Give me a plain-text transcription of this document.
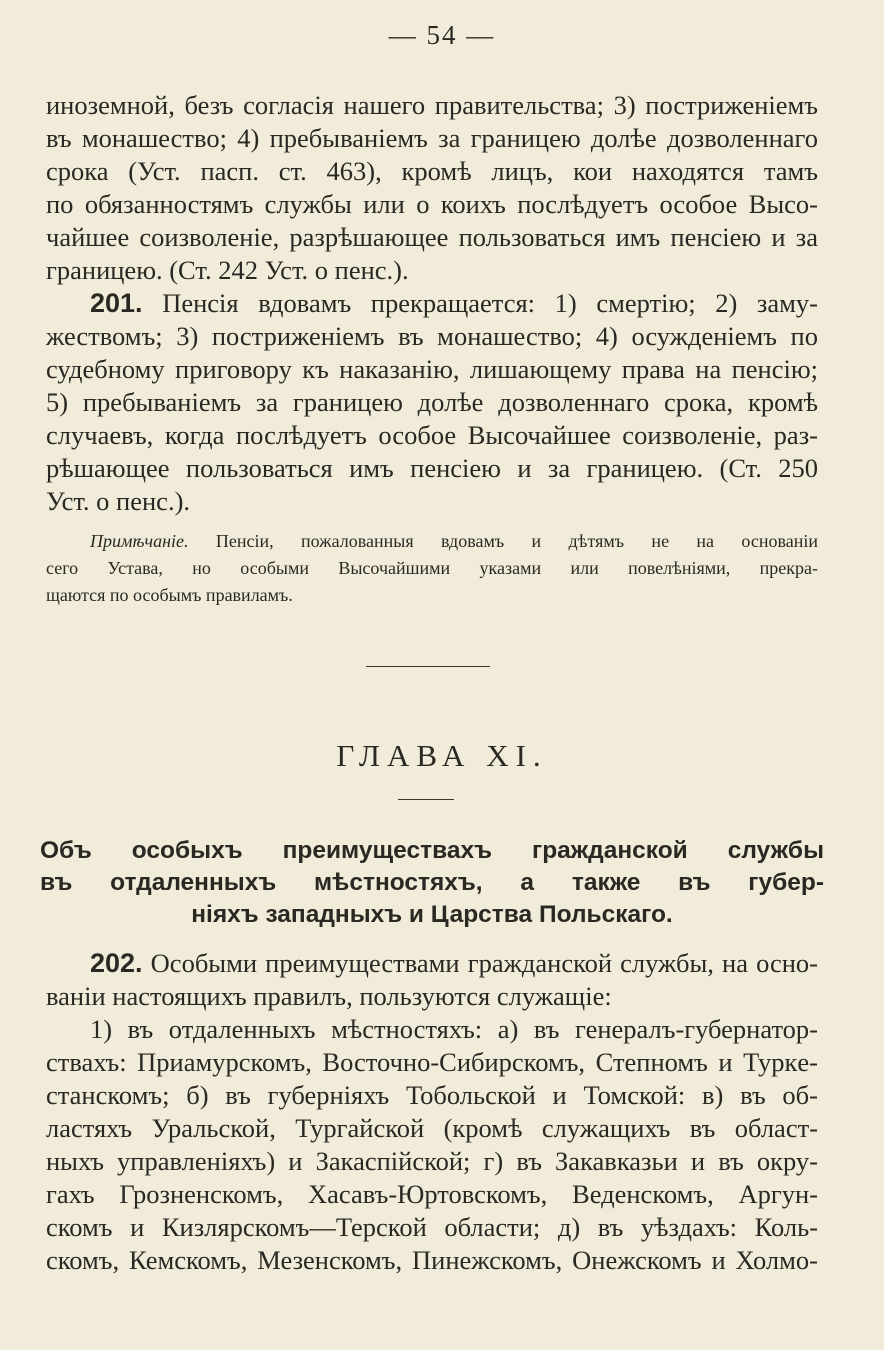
— 54 —
иноземной, безъ согласія нашего правительства; 3) постриженіемъ
въ монашество; 4) пребываніемъ за границею долѣе дозволеннаго
срока (Уст. пасп. ст. 463), кромѣ лицъ, кои находятся тамъ
по обязанностямъ службы или о коихъ послѣдуетъ особое Высо-
чайшее соизволеніе, разрѣшающее пользоваться имъ пенсіею и за
границею. (Ст. 242 Уст. о пенс.).
201. Пенсія вдовамъ прекращается: 1) смертію; 2) заму-
жествомъ; 3) постриженіемъ въ монашество; 4) осужденіемъ по
судебному приговору къ наказанію, лишающему права на пенсію;
5) пребываніемъ за границею долѣе дозволеннаго срока, кромѣ
случаевъ, когда послѣдуетъ особое Высочайшее соизволеніе, раз-
рѣшающее пользоваться имъ пенсіею и за границею. (Ст. 250
Уст. о пенс.).
Примѣчаніе. Пенсіи, пожалованныя вдовамъ и дѣтямъ не на основаніи
сего Устава, но особыми Высочайшими указами или повелѣніями, прекра-
щаются по особымъ правиламъ.
ГЛАВА XI.
Объ особыхъ преимуществахъ гражданской службы
въ отдаленныхъ мѣстностяхъ, а также въ губер-
ніяхъ западныхъ и Царства Польскаго.
202. Особыми преимуществами гражданской службы, на осно-
ваніи настоящихъ правилъ, пользуются служащіе:
1) въ отдаленныхъ мѣстностяхъ: а) въ генералъ-губернатор-
ствахъ: Приамурскомъ, Восточно-Сибирскомъ, Степномъ и Туркe-
станскомъ; б) въ губерніяхъ Тобольской и Томской: в) въ об-
ластяхъ Уральской, Тургайской (кромѣ служащихъ въ област-
ныхъ управленіяхъ) и Закаспійской; г) въ Закавказьи и въ окру-
гахъ Грозненскомъ, Хасавъ-Юртовскомъ, Веденскомъ, Аргун-
скомъ и Кизлярскомъ—Терской области; д) въ уѣздахъ: Коль-
скомъ, Кемскомъ, Мезенскомъ, Пинежскомъ, Онежскомъ и Холмо-
